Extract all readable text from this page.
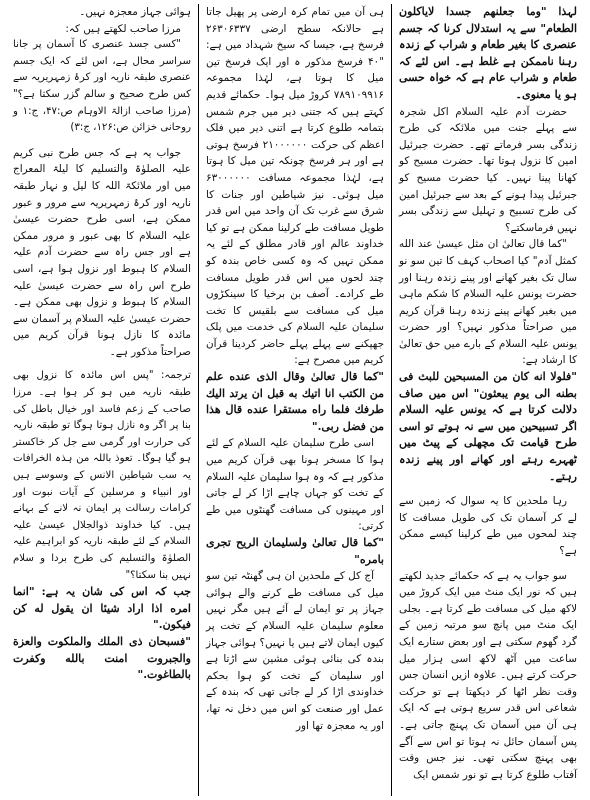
لہذا "وما جعلنهم جسدا لاياكلون الطعام" سے یہ استدلال کرنا کہ جسم عنصری کا بغیر طعام و شراب کے زندہ رہنا ناممکن ہے غلط ہے۔ اس لئے کہ طعام و شراب عام ہے کہ خواہ حسی ہو یا معنوی۔

حضرت آدم علیہ السلام اکل شجرہ سے پہلے جنت میں ملائکہ کی طرح زندگی بسر فرماتے تھے۔ حضرت جبرئیل امین کا نزول ہوتا تھا۔ حضرت مسیح کو کھانا پینا نہیں۔ کیا حضرت مسیح کو جبرئیل پیدا ہونے کے بعد سے جبرئیل امین کی طرح تسبیح و تہلیل سے زندگی بسر نہیں فرماسکتے؟

"كما قال تعالىٰ ان مثل عيسىٰ عند الله كمثل آدم" کیا اصحاب کہف کا تین سو نو سال تک بغیر کھانے اور پینے زندہ رہنا اور حضرت یونس علیہ السلام کا شکم ماہی میں بغیر کھانے پینے زندہ رہنا قرآن کریم میں صراحتاً مذکور نہیں؟ اور حضرت یونس علیہ السلام کے بارے میں حق تعالیٰ کا ارشاد ہے:

"فلولا انه كان من المسبحين للبث فى بطنه الى يوم يبعثون" اس میں صاف دلالت کرتا ہے کہ یونس علیہ السلام اگر تسبیحین میں سے نہ ہوتے تو اسی طرح قیامت تک مچھلی کے پیٹ میں ٹھہرے رہتے اور کھانے اور پینے زندہ رہتے۔

رہا ملحدین کا یہ سوال کہ زمین سے لے کر آسمان تک کی طویل مسافت کا چند لمحوں میں طے کرلینا کیسے ممکن ہے؟

سو جواب یہ ہے کہ حکمائے جدید لکھتے ہیں کہ نور ایک منٹ میں ایک کروڑ میں لاکھ میل کی مسافت طے کرتا ہے۔ بجلی ایک منٹ میں پانچ سو مرتبہ زمین کے گرد گھوم سکتی ہے اور بعض ستارے ایک ساعت میں آٹھ لاکھ اسی ہزار میل حرکت کرتے ہیں۔ علاوہ ازیں انسان جس وقت نظر اٹھا کر دیکھتا ہے تو حرکت شعاعی اس قدر سریع ہوتی ہے کہ ایک ہی آن میں آسمان تک پہنچ جاتی ہے۔ پس آسمان حائل نہ ہوتا تو اس سے آگے بھی پہنچ سکتی تھی۔ نیز جس وقت آفتاب طلوع کرتا ہے تو نور شمس ایک

ہی آن میں تمام کرہ ارضی پر پھیل جاتا ہے حالانکہ سطح ارضی ۲۶۳۰۶۳۳۷ فرسخ ہے، جیسا کہ سیخ شہداد میں ہے: "۴۰ فرسخ مذکور ہ اور ایک فرسخ تین میل کا ہوتا ہے، لہٰذا مجموعہ ۷۸۹۱۰۹۹۱۶ کروڑ میل ہوا۔ حکمائے قدیم کہتے ہیں کہ جتنی دیر میں جرم شمس بتمامہ طلوع کرتا ہے اتنی دیر میں فلک اعظم کی حرکت ۲۱۰۰۰۰۰۰ فرسخ ہوتی ہے اور ہر فرسخ چونکہ تین میل کا ہوتا ہے، لہٰذا مجموعہ مسافت ۶۳۰۰۰۰۰۰ میل ہوئی۔ نیز شیاطین اور جنات کا شرق سے غرب تک آن واحد میں اس قدر طویل مسافت طے کرلینا ممکن ہے تو کیا خداوند عالم اور قادر مطلق کے لئے یہ ممکن نہیں کہ وہ کسی خاص بندہ کو چند لحوں میں اس قدر طویل مسافت طے کرادے۔ آصف بن برخیا کا سینکڑوں میل کی مسافت سے بلقیس کا تخت سلیمان علیہ السلام کی خدمت میں پلک جھپکنے سے پہلے پہلے حاضر کردینا قرآن کریم میں مصرح ہے:

"كما قال تعالىٰ وقال الذى عنده علم من الكتب انا اتيك به قبل ان يرتد اليك طرفك فلما راه مستقرا عنده قال هذا من فضل ربى."

اسی طرح سلیمان علیہ السلام کے لئے ہوا کا مسخر ہونا بھی قرآن کریم میں مذکور ہے کہ وہ ہوا سلیمان علیہ السلام کے تخت کو جہاں چاہے اڑا کر لے جاتی اور مہینوں کی مسافت گھنٹوں میں طے کرتی:

"كما قال تعالىٰ ولسليمان الريح تجرى بامره"

آج کل کے ملحدین ان ہی گھنٹہ تین سو میل کی مسافت طے کرنے والے ہوائی جہاز پر تو ایمان لے آئے ہیں مگر نہیں معلوم سلیمان علیہ السلام کے تخت پر کیوں ایمان لاتے ہیں یا نہیں؟ ہوائی جہاز بندہ کی بنائی ہوئی مشین سے اڑتا ہے اور سلیمان کے تخت کو ہوا بحکم خداوندی اڑا کر لے جاتی تھی کہ بندہ کے عمل اور صنعت کو اس میں دخل نہ تھا، اور یہ معجزہ تھا اور

ہوائی جہاز معجزہ نہیں۔

مرزا صاحب لکھتے ہیں کہ:

"کسی جسد عنصری کا آسمان پر جانا سراسر محال ہے، اس لئے کہ ایک جسم عنصری طبقہ ناریہ اور کرۂ زمہریریہ سے کس طرح صحیح و سالم گزر سکتا ہے؟" (مرزا صاحب ازالۃ الاوہام ص:۴۷، ج:۱ و روحانی خزائن ص:۱۲۶، ج:۳)

جواب یہ ہے کہ جس طرح نبی کریم علیہ الصلوٰۃ والتسلیم کا لیلۃ المعراج میں اور ملائکۃ اللہ کا لیل و نہار طبقہ ناریہ اور کرۂ زمہریریہ سے مرور و عبور ممکن ہے، اسی طرح حضرت عیسیٰ علیہ السلام کا بھی عبور و مرور ممکن ہے اور جس راہ سے حضرت آدم علیہ السلام کا ہبوط اور نزول ہوا ہے، اسی طرح اس راہ سے حضرت عیسیٰ علیہ السلام کا ہبوط و نزول بھی ممکن ہے۔ حضرت عیسیٰ علیہ السلام پر آسمان سے مائدہ کا نازل ہونا قرآن کریم میں صراحتاً مذکور ہے۔

ترجمہ: "پس اس مائدہ کا نزول بھی طبقہ ناریہ میں ہو کر ہوا ہے۔ مرزا صاحب کے زعم فاسد اور خیال باطل کی بنا پر اگر وہ نازل ہوتا ہوگا تو طبقہ ناریہ کی حرارت اور گرمی سے جل کر خاکستر ہو گیا ہوگا۔ تعوذ باللہ من ہذہ الخرافات یہ سب شیاطین الانس کے وسوسے ہیں اور انبیاء و مرسلین کے آیات نبوت اور کرامات رسالت پر ایمان نہ لانے کے بہانے ہیں۔ کیا خداوند ذوالجلال عیسیٰ علیہ السلام کے لئے طبقہ ناریہ کو ابراہیم علیہ الصلوٰۃ والتسلیم کی طرح بردا و سلام نہیں بنا سکتا؟"

جب کہ اس کی شان یہ ہے: "انما امره اذا اراد شيئا ان يقول له كن فيكون."

"فسبحان ذى الملك والملكوت والعزة والجبروت امنت بالله وكفرت بالطاغوت."
